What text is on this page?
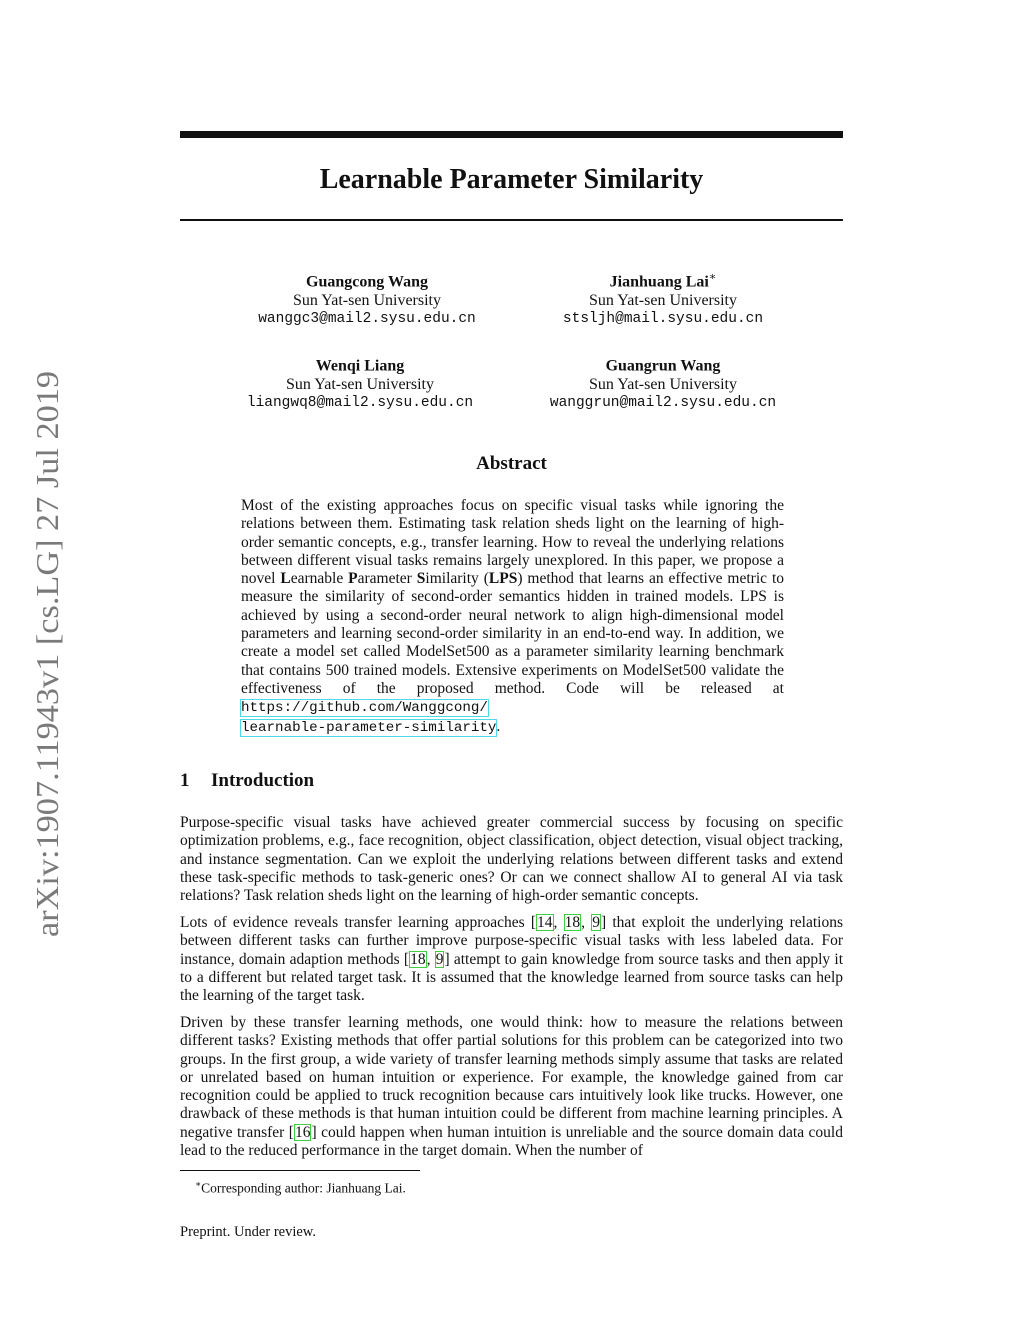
arXiv:1907.11943v1 [cs.LG] 27 Jul 2019
Learnable Parameter Similarity
Guangcong Wang
Sun Yat-sen University
wanggc3@mail2.sysu.edu.cn
Jianhuang Lai∗
Sun Yat-sen University
stsljh@mail.sysu.edu.cn
Wenqi Liang
Sun Yat-sen University
liangwq8@mail2.sysu.edu.cn
Guangrun Wang
Sun Yat-sen University
wanggrun@mail2.sysu.edu.cn
Abstract

Most of the existing approaches focus on specific visual tasks while ignoring the relations between them. Estimating task relation sheds light on the learning of high-order semantic concepts, e.g., transfer learning. How to reveal the underlying relations between different visual tasks remains largely unexplored. In this paper, we propose a novel Learnable Parameter Similarity (LPS) method that learns an effective metric to measure the similarity of second-order semantics hidden in trained models. LPS is achieved by using a second-order neural network to align high-dimensional model parameters and learning second-order similarity in an end-to-end way. In addition, we create a model set called ModelSet500 as a parameter similarity learning benchmark that contains 500 trained models. Extensive experiments on ModelSet500 validate the effectiveness of the proposed method. Code will be released at https://github.com/Wanggcong/
learnable-parameter-similarity.

1 Introduction

Purpose-specific visual tasks have achieved greater commercial success by focusing on specific optimization problems, e.g., face recognition, object classification, object detection, visual object tracking, and instance segmentation. Can we exploit the underlying relations between different tasks and extend these task-specific methods to task-generic ones? Or can we connect shallow AI to general AI via task relations? Task relation sheds light on the learning of high-order semantic concepts.

Lots of evidence reveals transfer learning approaches [14, 18, 9] that exploit the underlying relations between different tasks can further improve purpose-specific visual tasks with less labeled data. For instance, domain adaption methods [18, 9] attempt to gain knowledge from source tasks and then apply it to a different but related target task. It is assumed that the knowledge learned from source tasks can help the learning of the target task.

Driven by these transfer learning methods, one would think: how to measure the relations between different tasks? Existing methods that offer partial solutions for this problem can be categorized into two groups. In the first group, a wide variety of transfer learning methods simply assume that tasks are related or unrelated based on human intuition or experience. For example, the knowledge gained from car recognition could be applied to truck recognition because cars intuitively look like trucks. However, one drawback of these methods is that human intuition could be different from machine learning principles. A negative transfer [16] could happen when human intuition is unreliable and the source domain data could lead to the reduced performance in the target domain. When the number of

∗Corresponding author: Jianhuang Lai.

Preprint. Under review.
